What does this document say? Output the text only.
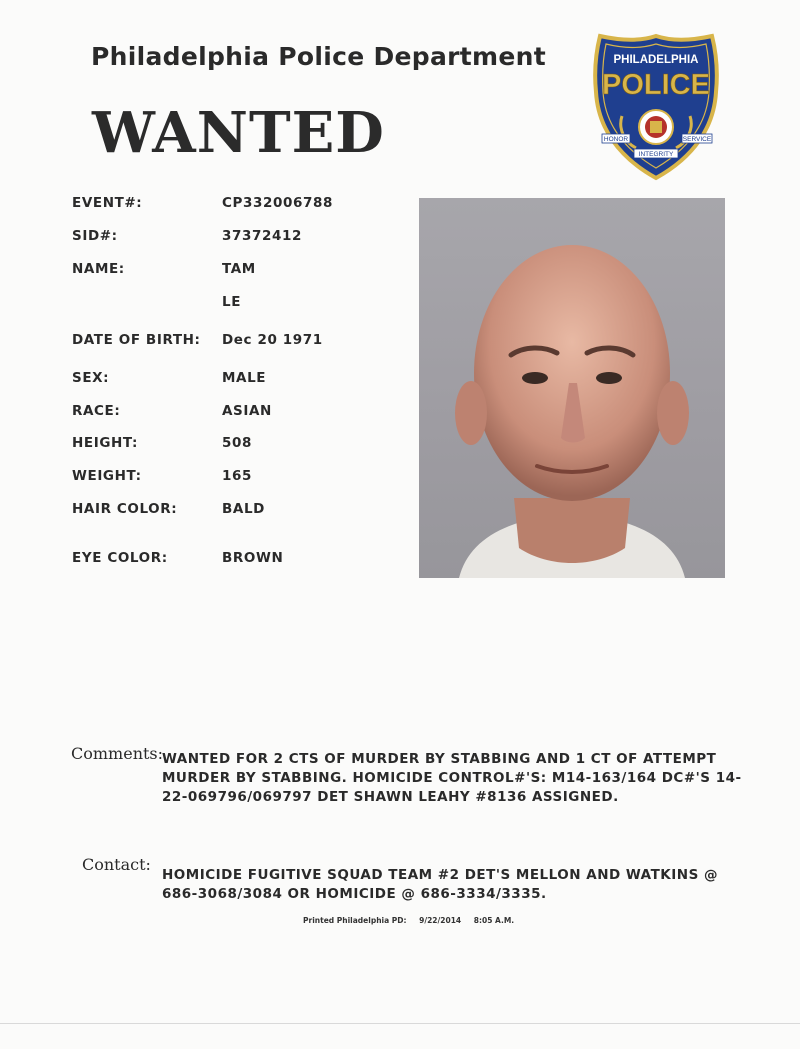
Philadelphia Police Department
WANTED
PHILADELPHIA
POLICE
HONOR	SERVICE
INTEGRITY
EVENT#:	CP332006788
SID#:	37372412
NAME:	TAM
LE
DATE OF BIRTH: Dec 20 1971
SEX:	MALE
RACE:	ASIAN
HEIGHT:	508
WEIGHT:	165
HAIR COLOR:	BALD
EYE COLOR:	BROWN
Comments:
WANTED FOR 2 CTS OF MURDER BY STABBING AND 1 CT OF ATTEMPT MURDER BY STABBING. HOMICIDE CONTROL#'S: M14-163/164 DC#'S 14-22-069796/069797 DET SHAWN LEAHY #8136 ASSIGNED.
Contact:
HOMICIDE FUGITIVE SQUAD TEAM #2 DET'S MELLON AND WATKINS @ 686-3068/3084 OR HOMICIDE @ 686-3334/3335.
Printed Philadelphia PD: 9/22/2014 8:05 A.M.
